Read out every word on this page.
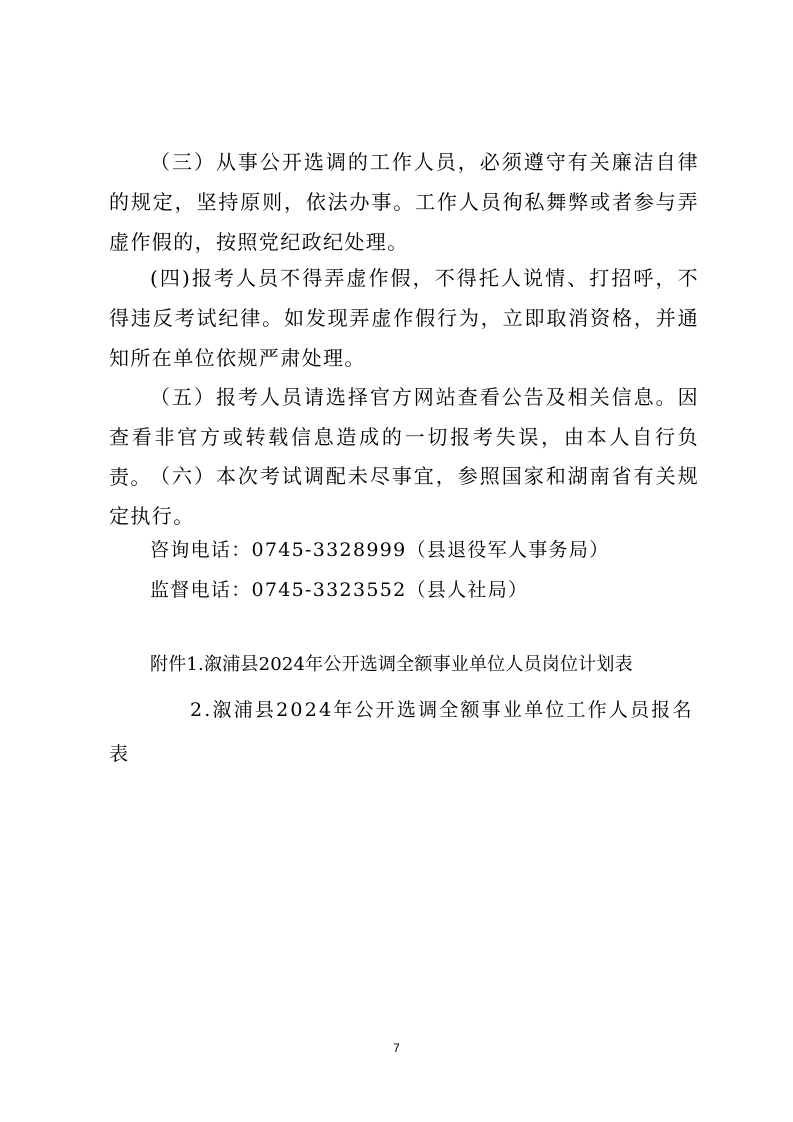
（三）从事公开选调的工作人员，必须遵守有关廉洁自律的规定，坚持原则，依法办事。工作人员徇私舞弊或者参与弄虚作假的，按照党纪政纪处理。

(四)报考人员不得弄虚作假，不得托人说情、打招呼，不得违反考试纪律。如发现弄虚作假行为，立即取消资格，并通知所在单位依规严肃处理。

（五）报考人员请选择官方网站查看公告及相关信息。因查看非官方或转载信息造成的一切报考失误，由本人自行负责。

（六）本次考试调配未尽事宜，参照国家和湖南省有关规定执行。

咨询电话：0745-3328999（县退役军人事务局）
监督电话：0745-3323552（县人社局）
附件1.溆浦县2024年公开选调全额事业单位人员岗位计划表
2.溆浦县2024年公开选调全额事业单位工作人员报名表
7
